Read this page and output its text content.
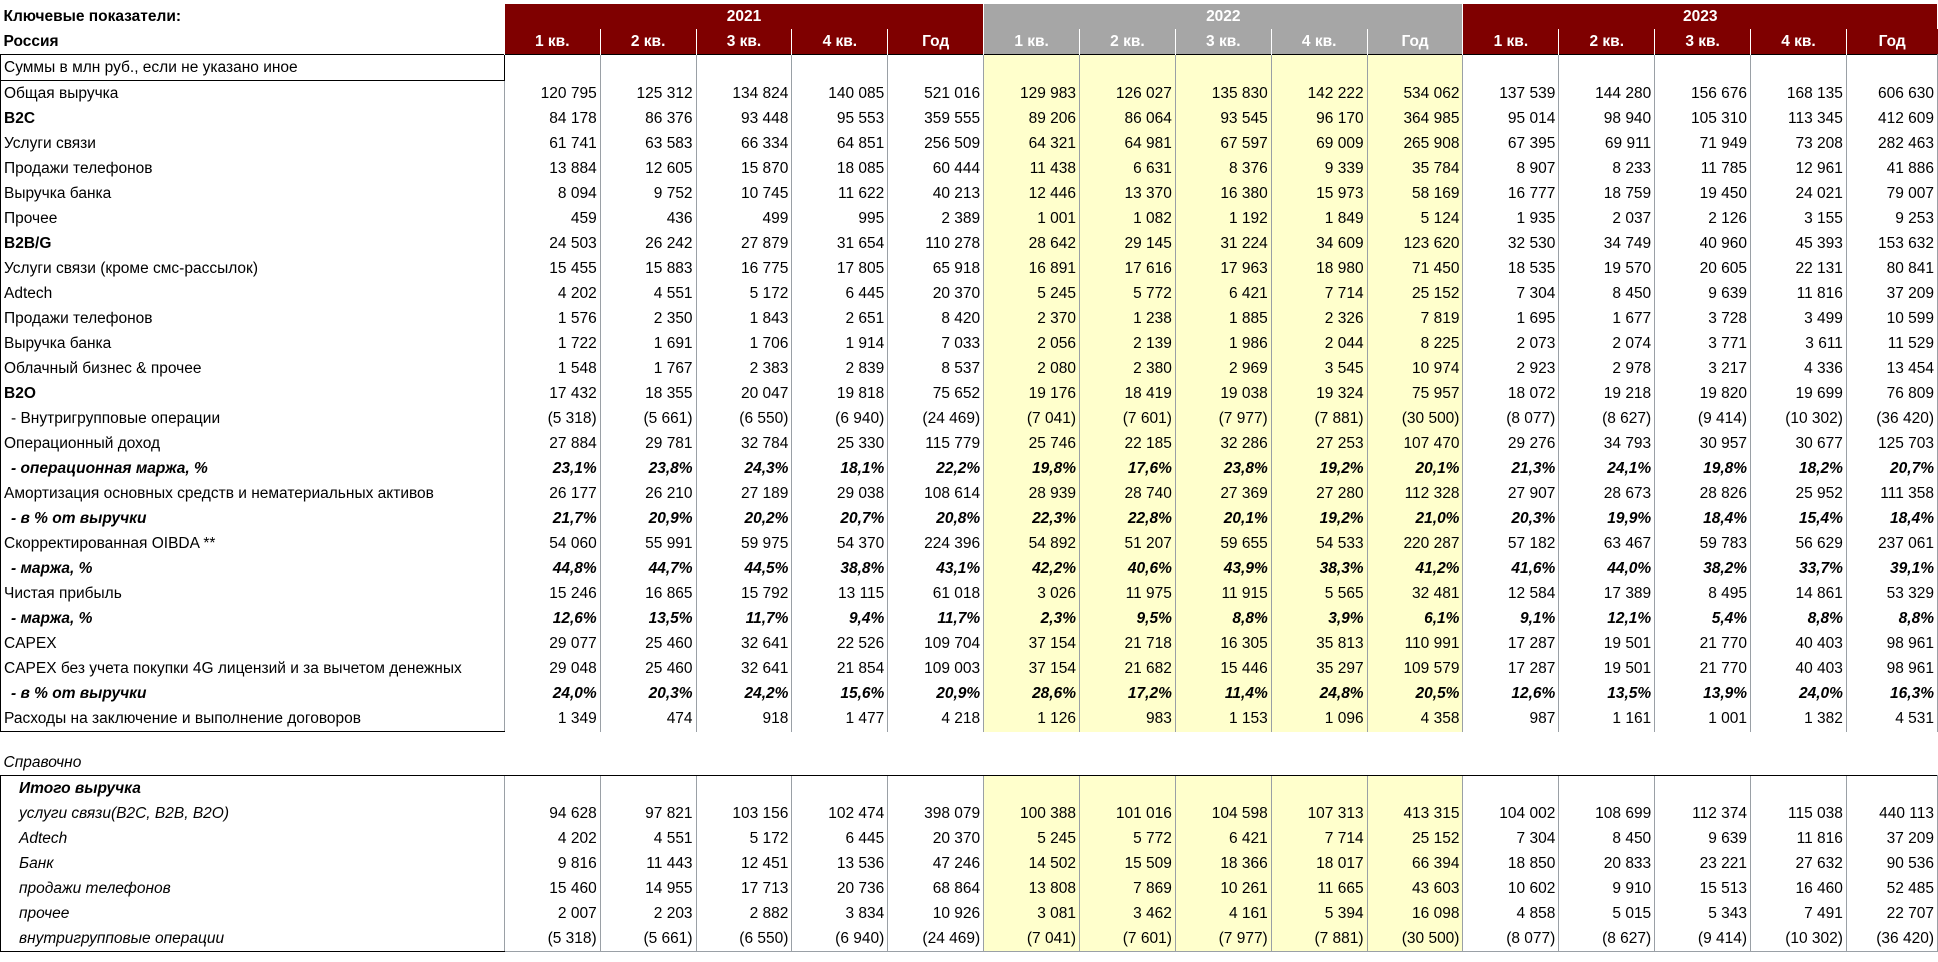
Ключевые показатели:	2021					2022					2023				
Россия	1 кв.	2 кв.	3 кв.	4 кв.	Год	1 кв.	2 кв.	3 кв.	4 кв.	Год	1 кв.	2 кв.	3 кв.	4 кв.	Год
Суммы в млн руб., если не указано иное															
Общая выручка	120 795	125 312	134 824	140 085	521 016	129 983	126 027	135 830	142 222	534 062	137 539	144 280	156 676	168 135	606 630
B2C	84 178	86 376	93 448	95 553	359 555	89 206	86 064	93 545	96 170	364 985	95 014	98 940	105 310	113 345	412 609
Услуги связи	61 741	63 583	66 334	64 851	256 509	64 321	64 981	67 597	69 009	265 908	67 395	69 911	71 949	73 208	282 463
Продажи телефонов	13 884	12 605	15 870	18 085	60 444	11 438	6 631	8 376	9 339	35 784	8 907	8 233	11 785	12 961	41 886
Выручка банка	8 094	9 752	10 745	11 622	40 213	12 446	13 370	16 380	15 973	58 169	16 777	18 759	19 450	24 021	79 007
Прочее	459	436	499	995	2 389	1 001	1 082	1 192	1 849	5 124	1 935	2 037	2 126	3 155	9 253
B2B/G	24 503	26 242	27 879	31 654	110 278	28 642	29 145	31 224	34 609	123 620	32 530	34 749	40 960	45 393	153 632
Услуги связи (кроме смс-рассылок)	15 455	15 883	16 775	17 805	65 918	16 891	17 616	17 963	18 980	71 450	18 535	19 570	20 605	22 131	80 841
Adtech	4 202	4 551	5 172	6 445	20 370	5 245	5 772	6 421	7 714	25 152	7 304	8 450	9 639	11 816	37 209
Продажи телефонов	1 576	2 350	1 843	2 651	8 420	2 370	1 238	1 885	2 326	7 819	1 695	1 677	3 728	3 499	10 599
Выручка банка	1 722	1 691	1 706	1 914	7 033	2 056	2 139	1 986	2 044	8 225	2 073	2 074	3 771	3 611	11 529
Облачный бизнес & прочее	1 548	1 767	2 383	2 839	8 537	2 080	2 380	2 969	3 545	10 974	2 923	2 978	3 217	4 336	13 454
B2O	17 432	18 355	20 047	19 818	75 652	19 176	18 419	19 038	19 324	75 957	18 072	19 218	19 820	19 699	76 809
- Внутригрупповые операции	(5 318)	(5 661)	(6 550)	(6 940)	(24 469)	(7 041)	(7 601)	(7 977)	(7 881)	(30 500)	(8 077)	(8 627)	(9 414)	(10 302)	(36 420)
Операционный доход	27 884	29 781	32 784	25 330	115 779	25 746	22 185	32 286	27 253	107 470	29 276	34 793	30 957	30 677	125 703
- операционная маржа, %	23,1%	23,8%	24,3%	18,1%	22,2%	19,8%	17,6%	23,8%	19,2%	20,1%	21,3%	24,1%	19,8%	18,2%	20,7%
Амортизация основных средств и нематериальных активов	26 177	26 210	27 189	29 038	108 614	28 939	28 740	27 369	27 280	112 328	27 907	28 673	28 826	25 952	111 358
- в % от выручки	21,7%	20,9%	20,2%	20,7%	20,8%	22,3%	22,8%	20,1%	19,2%	21,0%	20,3%	19,9%	18,4%	15,4%	18,4%
Скорректированная OIBDA **	54 060	55 991	59 975	54 370	224 396	54 892	51 207	59 655	54 533	220 287	57 182	63 467	59 783	56 629	237 061
- маржа, %	44,8%	44,7%	44,5%	38,8%	43,1%	42,2%	40,6%	43,9%	38,3%	41,2%	41,6%	44,0%	38,2%	33,7%	39,1%
Чистая прибыль	15 246	16 865	15 792	13 115	61 018	3 026	11 975	11 915	5 565	32 481	12 584	17 389	8 495	14 861	53 329
- маржа, %	12,6%	13,5%	11,7%	9,4%	11,7%	2,3%	9,5%	8,8%	3,9%	6,1%	9,1%	12,1%	5,4%	8,8%	8,8%
CAPEX	29 077	25 460	32 641	22 526	109 704	37 154	21 718	16 305	35 813	110 991	17 287	19 501	21 770	40 403	98 961
CAPEX без учета покупки 4G лицензий и за вычетом денежных	29 048	25 460	32 641	21 854	109 003	37 154	21 682	15 446	35 297	109 579	17 287	19 501	21 770	40 403	98 961
- в % от выручки	24,0%	20,3%	24,2%	15,6%	20,9%	28,6%	17,2%	11,4%	24,8%	20,5%	12,6%	13,5%	13,9%	24,0%	16,3%
Расходы на заключение и выполнение договоров	1 349	474	918	1 477	4 218	1 126	983	1 153	1 096	4 358	987	1 161	1 001	1 382	4 531

Справочно															
Итого выручка															
услуги связи(B2C, B2B, B2O)	94 628	97 821	103 156	102 474	398 079	100 388	101 016	104 598	107 313	413 315	104 002	108 699	112 374	115 038	440 113
Adtech	4 202	4 551	5 172	6 445	20 370	5 245	5 772	6 421	7 714	25 152	7 304	8 450	9 639	11 816	37 209
Банк	9 816	11 443	12 451	13 536	47 246	14 502	15 509	18 366	18 017	66 394	18 850	20 833	23 221	27 632	90 536
продажи телефонов	15 460	14 955	17 713	20 736	68 864	13 808	7 869	10 261	11 665	43 603	10 602	9 910	15 513	16 460	52 485
прочее	2 007	2 203	2 882	3 834	10 926	3 081	3 462	4 161	5 394	16 098	4 858	5 015	5 343	7 491	22 707
внутригрупповые операции	(5 318)	(5 661)	(6 550)	(6 940)	(24 469)	(7 041)	(7 601)	(7 977)	(7 881)	(30 500)	(8 077)	(8 627)	(9 414)	(10 302)	(36 420)
